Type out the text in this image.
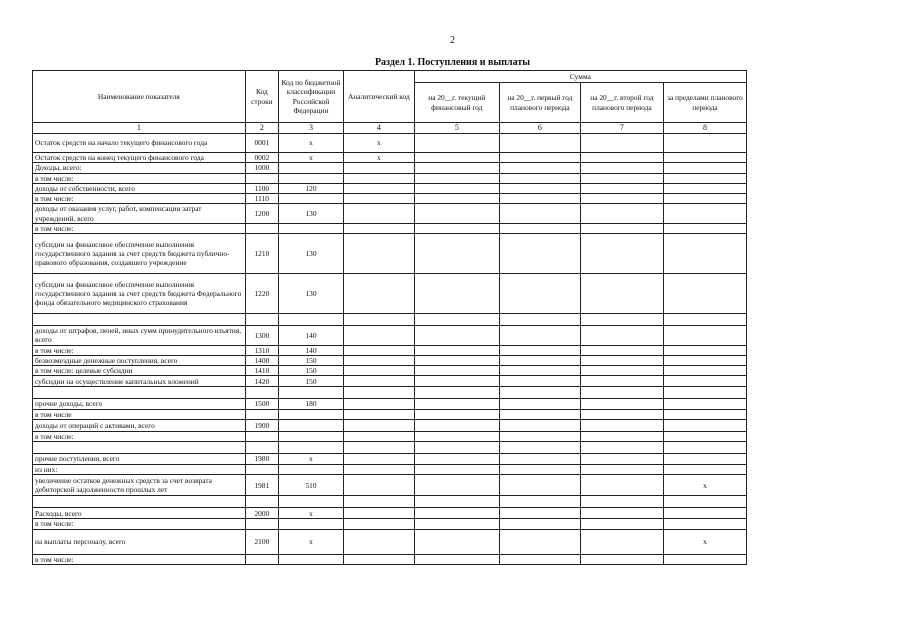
2
Раздел 1. Поступления и выплаты
Наименование показателя	Код строки	Код по бюджетной классификации Российской Федерации	Аналитический код	Сумма			
				на 20__г. текущий финансовый год	на 20__г. первый год планового периода	на 20__г. второй год планового периода	за пределами планового периода
1	2	3	4	5	6	7	8
Остаток средств на начало текущего финансового года	0001	x	x				
Остаток средств на конец текущего финансового года	0002	x	x				
Доходы, всего:	1000						
в том числе:							
доходы от собственности, всего	1100	120					
в том числе:	1110						
доходы от оказания услуг, работ, компенсации затрат учреждений, всего	1200	130					
в том числе:							
субсидии на финансовое обеспечение выполнения государственного задания за счет средств бюджета публично-правового образования, создавшего учреждение	1210	130					
субсидии на финансовое обеспечение выполнения государственного задания за счет средств бюджета Федерального фонда обязательного медицинского страхования	1220	130					

доходы от штрафов, пеней, иных сумм принудительного изъятия, всего	1300	140					
в том числе:	1310	140					
безвозмездные денежные поступления, всего	1400	150					
в том числе: целевые субсидии	1410	150					
субсидии на осуществление капитальных вложений	1420	150					

прочие доходы, всего	1500	180					
в том числе							
доходы от операций с активами, всего	1900						
в том числе:							

прочие поступления, всего	1980	x					
из них:							
увеличение остатков денежных средств за счет возврата дебиторской задолженности прошлых лет	1981	510					x

Расходы, всего	2000	x					
в том числе:							
на выплаты персоналу, всего	2100	x					x
в том числе:							
